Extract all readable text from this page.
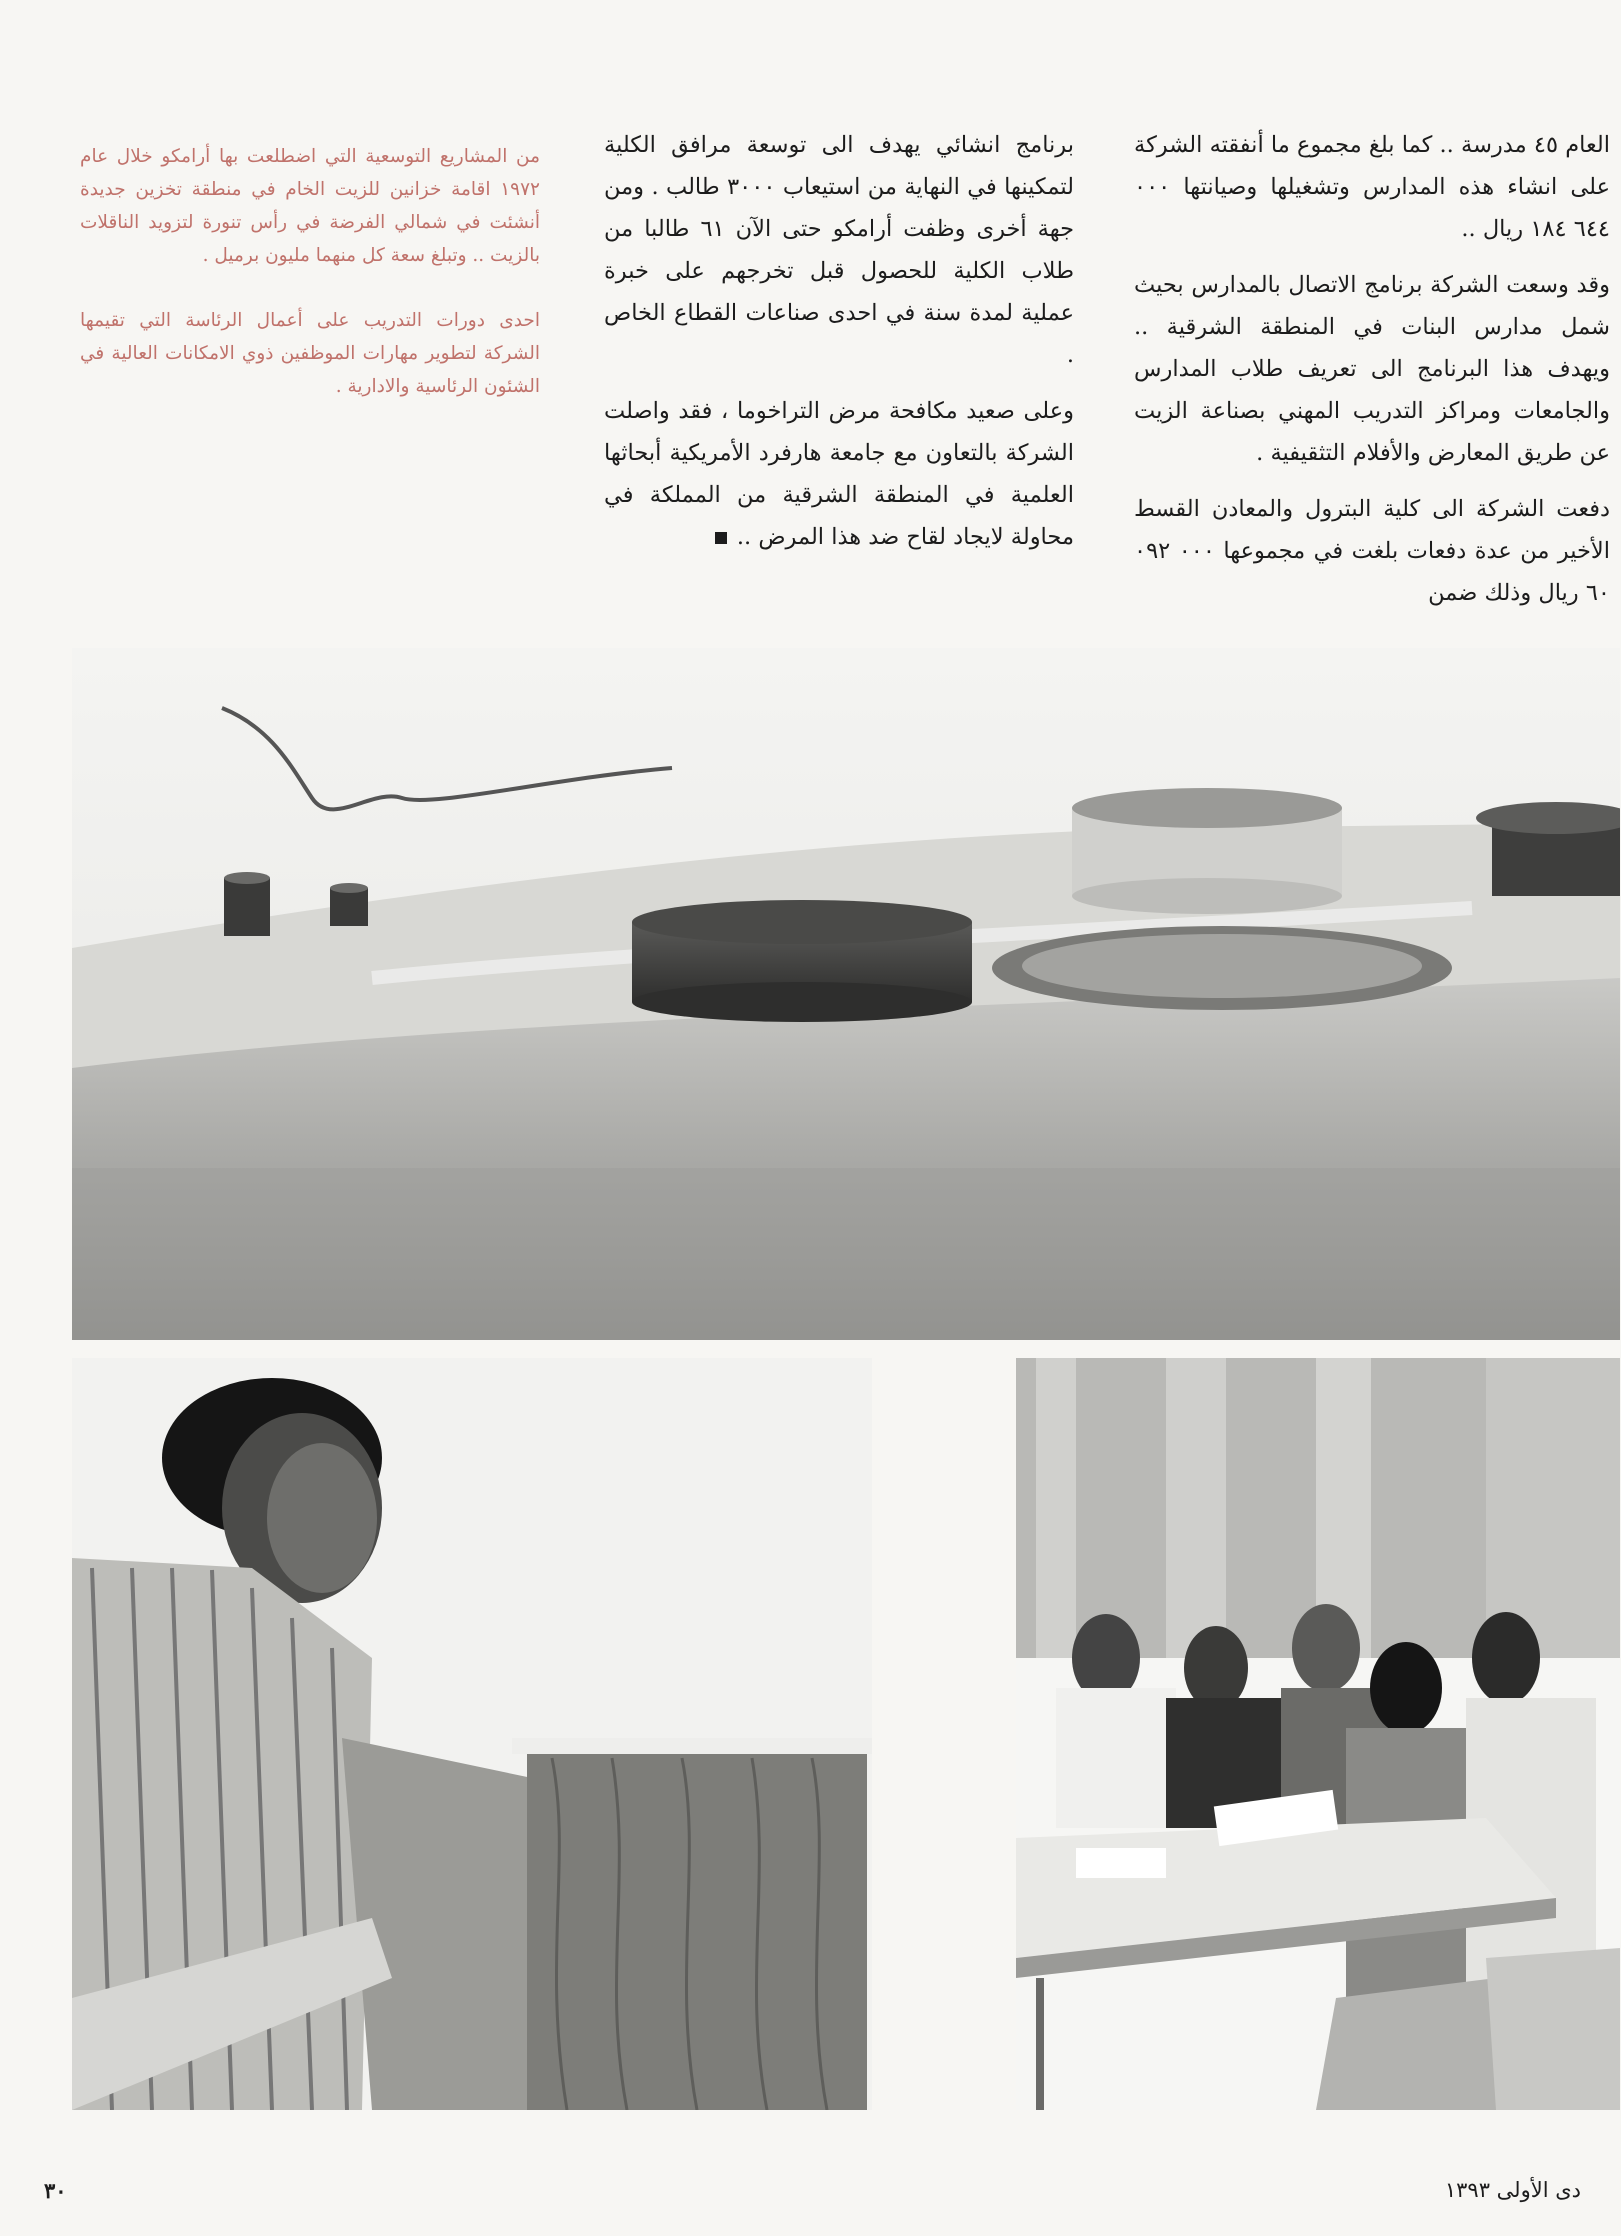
العام ٤٥ مدرسة .. كما بلغ مجموع ما أنفقته الشركة على انشاء هذه المدارس وتشغيلها وصيانتها ٠٠٠ ٦٤٤ ١٨٤ ريال ..

وقد وسعت الشركة برنامج الاتصال بالمدارس بحيث شمل مدارس البنات في المنطقة الشرقية .. ويهدف هذا البرنامج الى تعريف طلاب المدارس والجامعات ومراكز التدريب المهني بصناعة الزيت عن طريق المعارض والأفلام التثقيفية .

دفعت الشركة الى كلية البترول والمعادن القسط الأخير من عدة دفعات بلغت في مجموعها ٠٠٠ ٠٩٢ ٦٠ ريال وذلك ضمن

برنامج انشائي يهدف الى توسعة مرافق الكلية لتمكينها في النهاية من استيعاب ٣٠٠٠ طالب . ومن جهة أخرى وظفت أرامكو حتى الآن ٦١ طالبا من طلاب الكلية للحصول قبل تخرجهم على خبرة عملية لمدة سنة في احدى صناعات القطاع الخاص .

وعلى صعيد مكافحة مرض التراخوما ، فقد واصلت الشركة بالتعاون مع جامعة هارفرد الأمريكية أبحاثها العلمية في المنطقة الشرقية من المملكة في محاولة لايجاد لقاح ضد هذا المرض ..

من المشاريع التوسعية التي اضطلعت بها أرامكو خلال عام ١٩٧٢ اقامة خزانين للزيت الخام في منطقة تخزين جديدة أنشئت في شمالي الفرضة في رأس تنورة لتزويد الناقلات بالزيت .. وتبلغ سعة كل منهما مليون برميل .

احدى دورات التدريب على أعمال الرئاسة التي تقيمها الشركة لتطوير مهارات الموظفين ذوي الامكانات العالية في الشئون الرئاسية والادارية .

٣٠	دى الأولى ١٣٩٣
